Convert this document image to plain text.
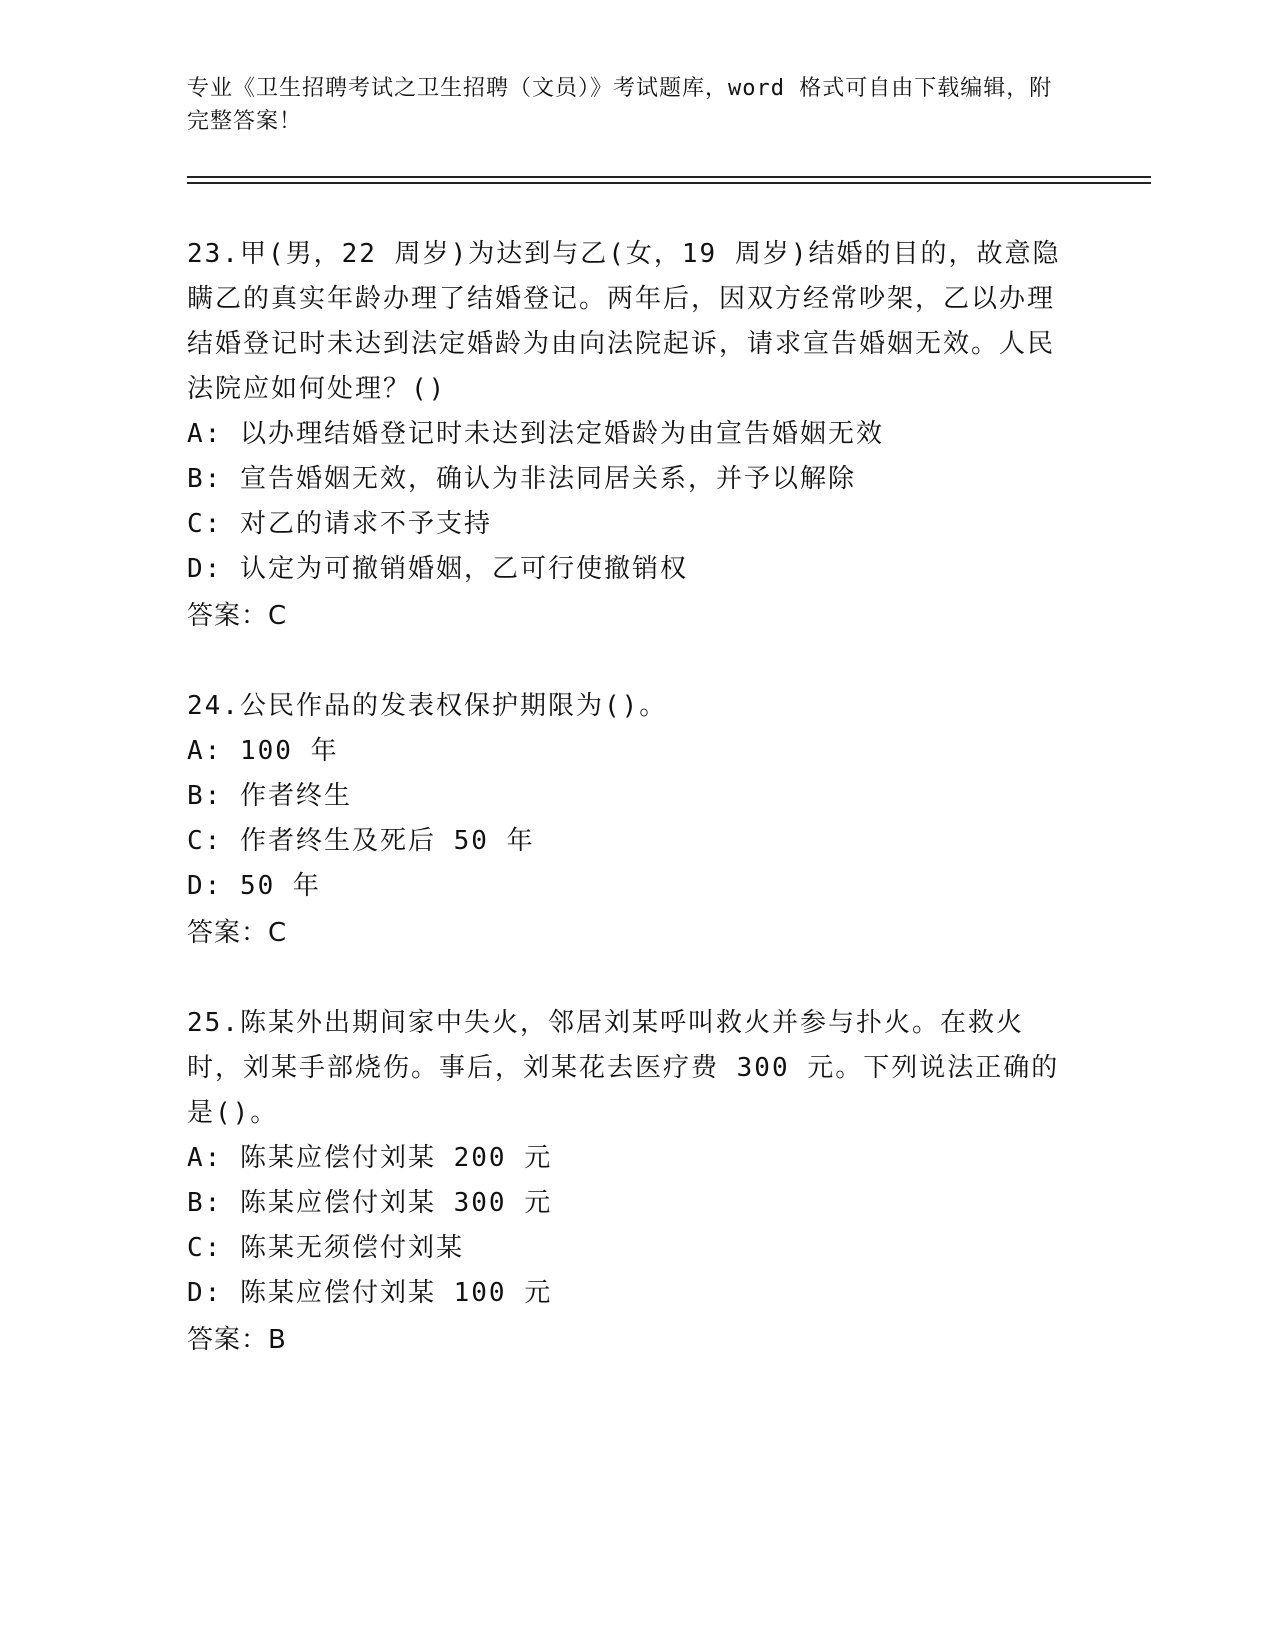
专业《卫生招聘考试之卫生招聘（文员）》考试题库，word 格式可自由下载编辑，附完整答案！

23.甲(男，22 周岁)为达到与乙(女，19 周岁)结婚的目的，故意隐瞒乙的真实年龄办理了结婚登记。两年后，因双方经常吵架，乙以办理结婚登记时未达到法定婚龄为由向法院起诉，请求宣告婚姻无效。人民法院应如何处理？()

A: 以办理结婚登记时未达到法定婚龄为由宣告婚姻无效

B: 宣告婚姻无效，确认为非法同居关系，并予以解除

C: 对乙的请求不予支持

D: 认定为可撤销婚姻，乙可行使撤销权

答案：C

24.公民作品的发表权保护期限为()。

A: 100 年

B: 作者终生

C: 作者终生及死后 50 年

D: 50 年

答案：C

25.陈某外出期间家中失火，邻居刘某呼叫救火并参与扑火。在救火时，刘某手部烧伤。事后，刘某花去医疗费 300 元。下列说法正确的是()。

A: 陈某应偿付刘某 200 元

B: 陈某应偿付刘某 300 元

C: 陈某无须偿付刘某

D: 陈某应偿付刘某 100 元

答案：B
